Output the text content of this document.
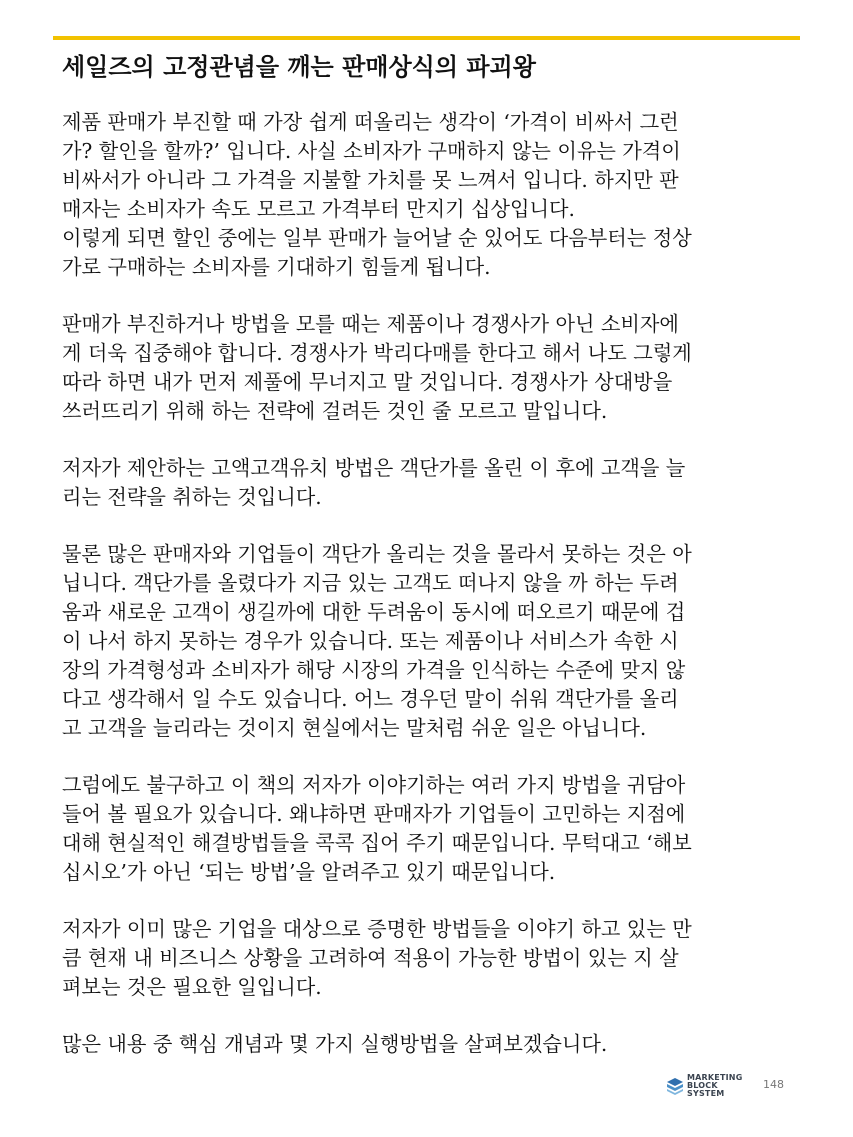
세일즈의 고정관념을 깨는 판매상식의 파괴왕

제품 판매가 부진할 때 가장 쉽게 떠올리는 생각이 ‘가격이 비싸서 그런
가? 할인을 할까?’ 입니다. 사실 소비자가 구매하지 않는 이유는 가격이
비싸서가 아니라 그 가격을 지불할 가치를 못 느껴서 입니다. 하지만 판
매자는 소비자가 속도 모르고 가격부터 만지기 십상입니다.
이렇게 되면 할인 중에는 일부 판매가 늘어날 순 있어도 다음부터는 정상
가로 구매하는 소비자를 기대하기 힘들게 됩니다.

판매가 부진하거나 방법을 모를 때는 제품이나 경쟁사가 아닌 소비자에
게 더욱 집중해야 합니다. 경쟁사가 박리다매를 한다고 해서 나도 그렇게
따라 하면 내가 먼저 제풀에 무너지고 말 것입니다. 경쟁사가 상대방을
쓰러뜨리기 위해 하는 전략에 걸려든 것인 줄 모르고 말입니다.

저자가 제안하는 고액고객유치 방법은 객단가를 올린 이 후에 고객을 늘
리는 전략을 취하는 것입니다.

물론 많은 판매자와 기업들이 객단가 올리는 것을 몰라서 못하는 것은 아
닙니다. 객단가를 올렸다가 지금 있는 고객도 떠나지 않을 까 하는 두려
움과 새로운 고객이 생길까에 대한 두려움이 동시에 떠오르기 때문에 겁
이 나서 하지 못하는 경우가 있습니다. 또는 제품이나 서비스가 속한 시
장의 가격형성과 소비자가 해당 시장의 가격을 인식하는 수준에 맞지 않
다고 생각해서 일 수도 있습니다. 어느 경우던 말이 쉬워 객단가를 올리
고 고객을 늘리라는 것이지 현실에서는 말처럼 쉬운 일은 아닙니다.

그럼에도 불구하고 이 책의 저자가 이야기하는 여러 가지 방법을 귀담아
들어 볼 필요가 있습니다. 왜냐하면 판매자가 기업들이 고민하는 지점에
대해 현실적인 해결방법들을 콕콕 집어 주기 때문입니다. 무턱대고 ‘해보
십시오’가 아닌 ‘되는 방법’을 알려주고 있기 때문입니다.

저자가 이미 많은 기업을 대상으로 증명한 방법들을 이야기 하고 있는 만
큼 현재 내 비즈니스 상황을 고려하여 적용이 가능한 방법이 있는 지 살
펴보는 것은 필요한 일입니다.

많은 내용 중 핵심 개념과 몇 가지 실행방법을 살펴보겠습니다.

MARKETING
BLOCK
SYSTEM
148
